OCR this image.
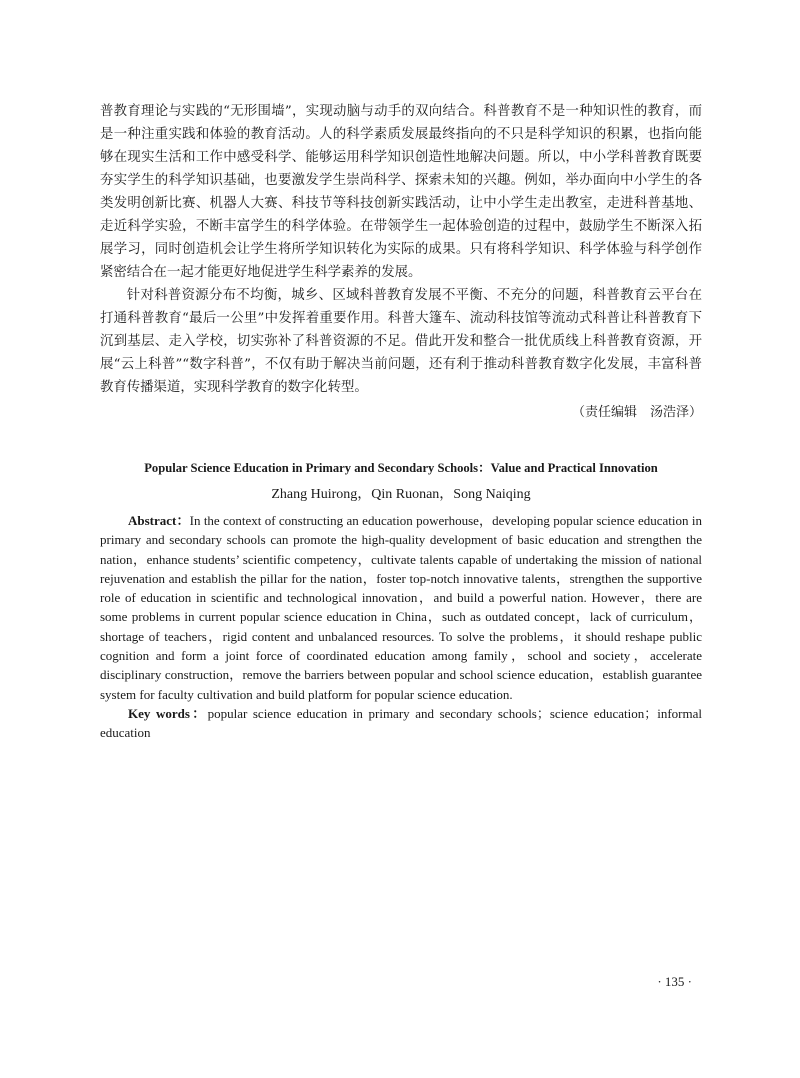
普教育理论与实践的“无形围墙”，实现动脑与动手的双向结合。科普教育不是一种知识性的教育，而是一种注重实践和体验的教育活动。人的科学素质发展最终指向的不只是科学知识的积累，也指向能够在现实生活和工作中感受科学、能够运用科学知识创造性地解决问题。所以，中小学科普教育既要夯实学生的科学知识基础，也要激发学生崇尚科学、探索未知的兴趣。例如，举办面向中小学生的各类发明创新比赛、机器人大赛、科技节等科技创新实践活动，让中小学生走出教室，走进科普基地、走近科学实验，不断丰富学生的科学体验。在带领学生一起体验创造的过程中，鼓励学生不断深入拓展学习，同时创造机会让学生将所学知识转化为实际的成果。只有将科学知识、科学体验与科学创作紧密结合在一起才能更好地促进学生科学素养的发展。

针对科普资源分布不均衡，城乡、区域科普教育发展不平衡、不充分的问题，科普教育云平台在打通科普教育“最后一公里”中发挥着重要作用。科普大篷车、流动科技馆等流动式科普让科普教育下沉到基层、走入学校，切实弥补了科普资源的不足。借此开发和整合一批优质线上科普教育资源，开展“云上科普”“数字科普”，不仅有助于解决当前问题，还有利于推动科普教育数字化发展，丰富科普教育传播渠道，实现科学教育的数字化转型。

（责任编辑　汤浩泽）
Popular Science Education in Primary and Secondary Schools：Value and Practical Innovation
Zhang Huirong，Qin Ruonan，Song Naiqing

Abstract：In the context of constructing an education powerhouse，developing popular science education in primary and secondary schools can promote the high-quality development of basic education and strengthen the nation，enhance students’ scientific competency，cultivate talents capable of undertaking the mission of national rejuvenation and establish the pillar for the nation，foster top-notch innovative talents，strengthen the supportive role of education in scientific and technological innovation，and build a powerful nation. However，there are some problems in current popular science education in China，such as outdated concept，lack of curriculum，shortage of teachers，rigid content and unbalanced resources. To solve the problems，it should reshape public cognition and form a joint force of coordinated education among family，school and society，accelerate disciplinary construction，remove the barriers between popular and school science education，establish guarantee system for faculty cultivation and build platform for popular science education.

Key words：popular science education in primary and secondary schools；science education；informal education

· 135 ·
